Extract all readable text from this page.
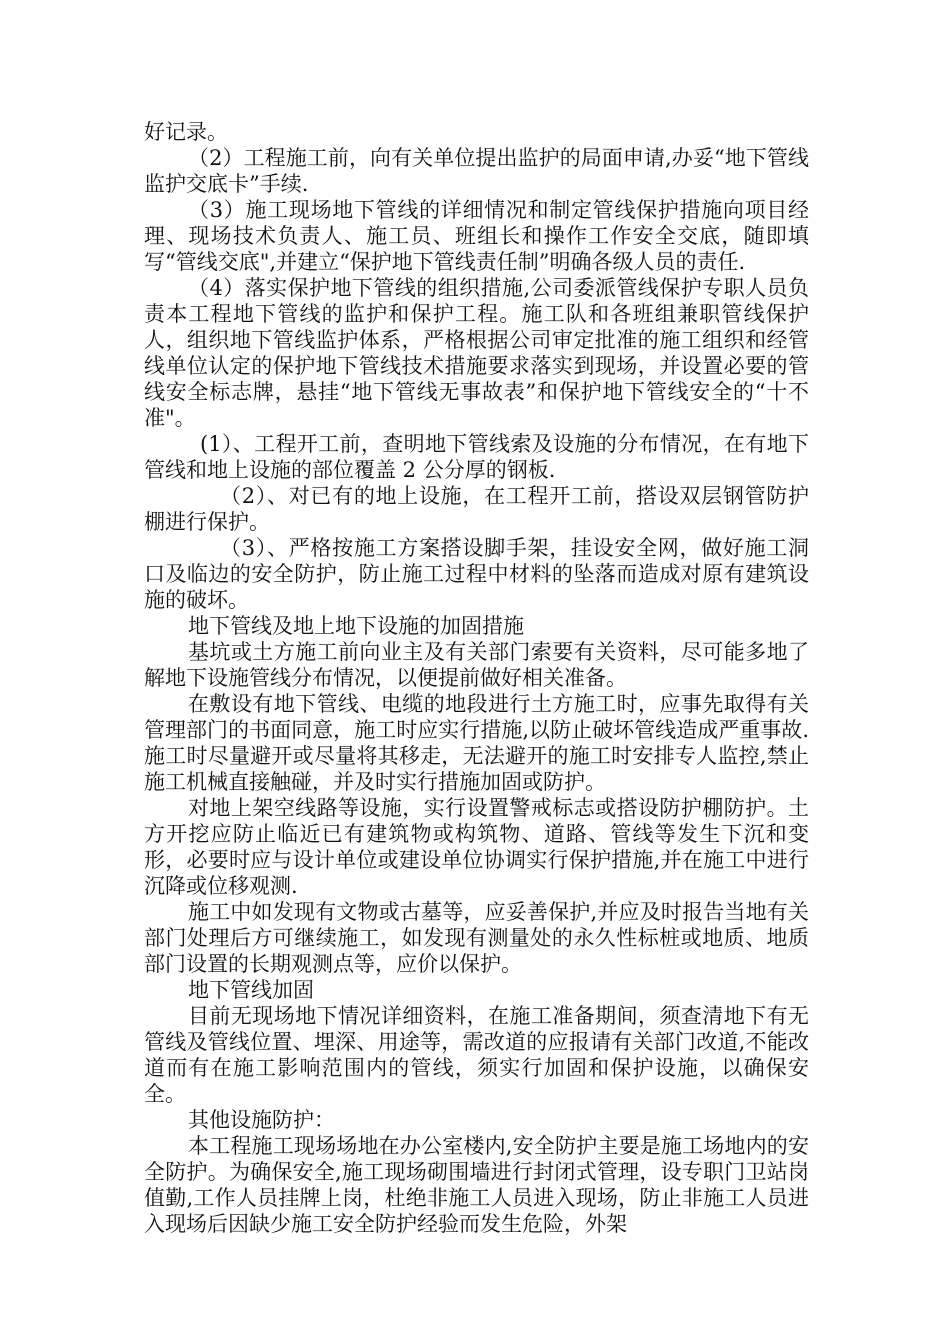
好记录。

（2）工程施工前，向有关单位提出监护的局面申请,办妥“地下管线监护交底卡”手续.

（3）施工现场地下管线的详细情况和制定管线保护措施向项目经理、现场技术负责人、施工员、班组长和操作工作安全交底，随即填写“管线交底",并建立“保护地下管线责任制”明确各级人员的责任.

（4）落实保护地下管线的组织措施,公司委派管线保护专职人员负责本工程地下管线的监护和保护工程。施工队和各班组兼职管线保护人，组织地下管线监护体系，严格根据公司审定批准的施工组织和经管线单位认定的保护地下管线技术措施要求落实到现场，并设置必要的管线安全标志牌，悬挂“地下管线无事故表”和保护地下管线安全的“十不准"。

(1）、工程开工前，查明地下管线索及设施的分布情况，在有地下管线和地上设施的部位覆盖 2 公分厚的钢板.

（2）、对已有的地上设施，在工程开工前，搭设双层钢管防护棚进行保护。

（3）、严格按施工方案搭设脚手架，挂设安全网，做好施工洞口及临边的安全防护，防止施工过程中材料的坠落而造成对原有建筑设施的破坏。

地下管线及地上地下设施的加固措施

基坑或土方施工前向业主及有关部门索要有关资料，尽可能多地了解地下设施管线分布情况，以便提前做好相关准备。

在敷设有地下管线、电缆的地段进行土方施工时，应事先取得有关管理部门的书面同意，施工时应实行措施,以防止破坏管线造成严重事故.施工时尽量避开或尽量将其移走，无法避开的施工时安排专人监控,禁止施工机械直接触碰，并及时实行措施加固或防护。

对地上架空线路等设施，实行设置警戒标志或搭设防护棚防护。土方开挖应防止临近已有建筑物或构筑物、道路、管线等发生下沉和变形，必要时应与设计单位或建设单位协调实行保护措施,并在施工中进行沉降或位移观测.

施工中如发现有文物或古墓等，应妥善保护,并应及时报告当地有关部门处理后方可继续施工，如发现有测量处的永久性标桩或地质、地质部门设置的长期观测点等，应价以保护。

地下管线加固

目前无现场地下情况详细资料，在施工准备期间，须查清地下有无管线及管线位置、埋深、用途等，需改道的应报请有关部门改道,不能改道而有在施工影响范围内的管线，须实行加固和保护设施，以确保安全。

其他设施防护：

本工程施工现场场地在办公室楼内,安全防护主要是施工场地内的安全防护。为确保安全,施工现场砌围墙进行封闭式管理，设专职门卫站岗值勤,工作人员挂牌上岗，杜绝非施工人员进入现场，防止非施工人员进入现场后因缺少施工安全防护经验而发生危险，外架
